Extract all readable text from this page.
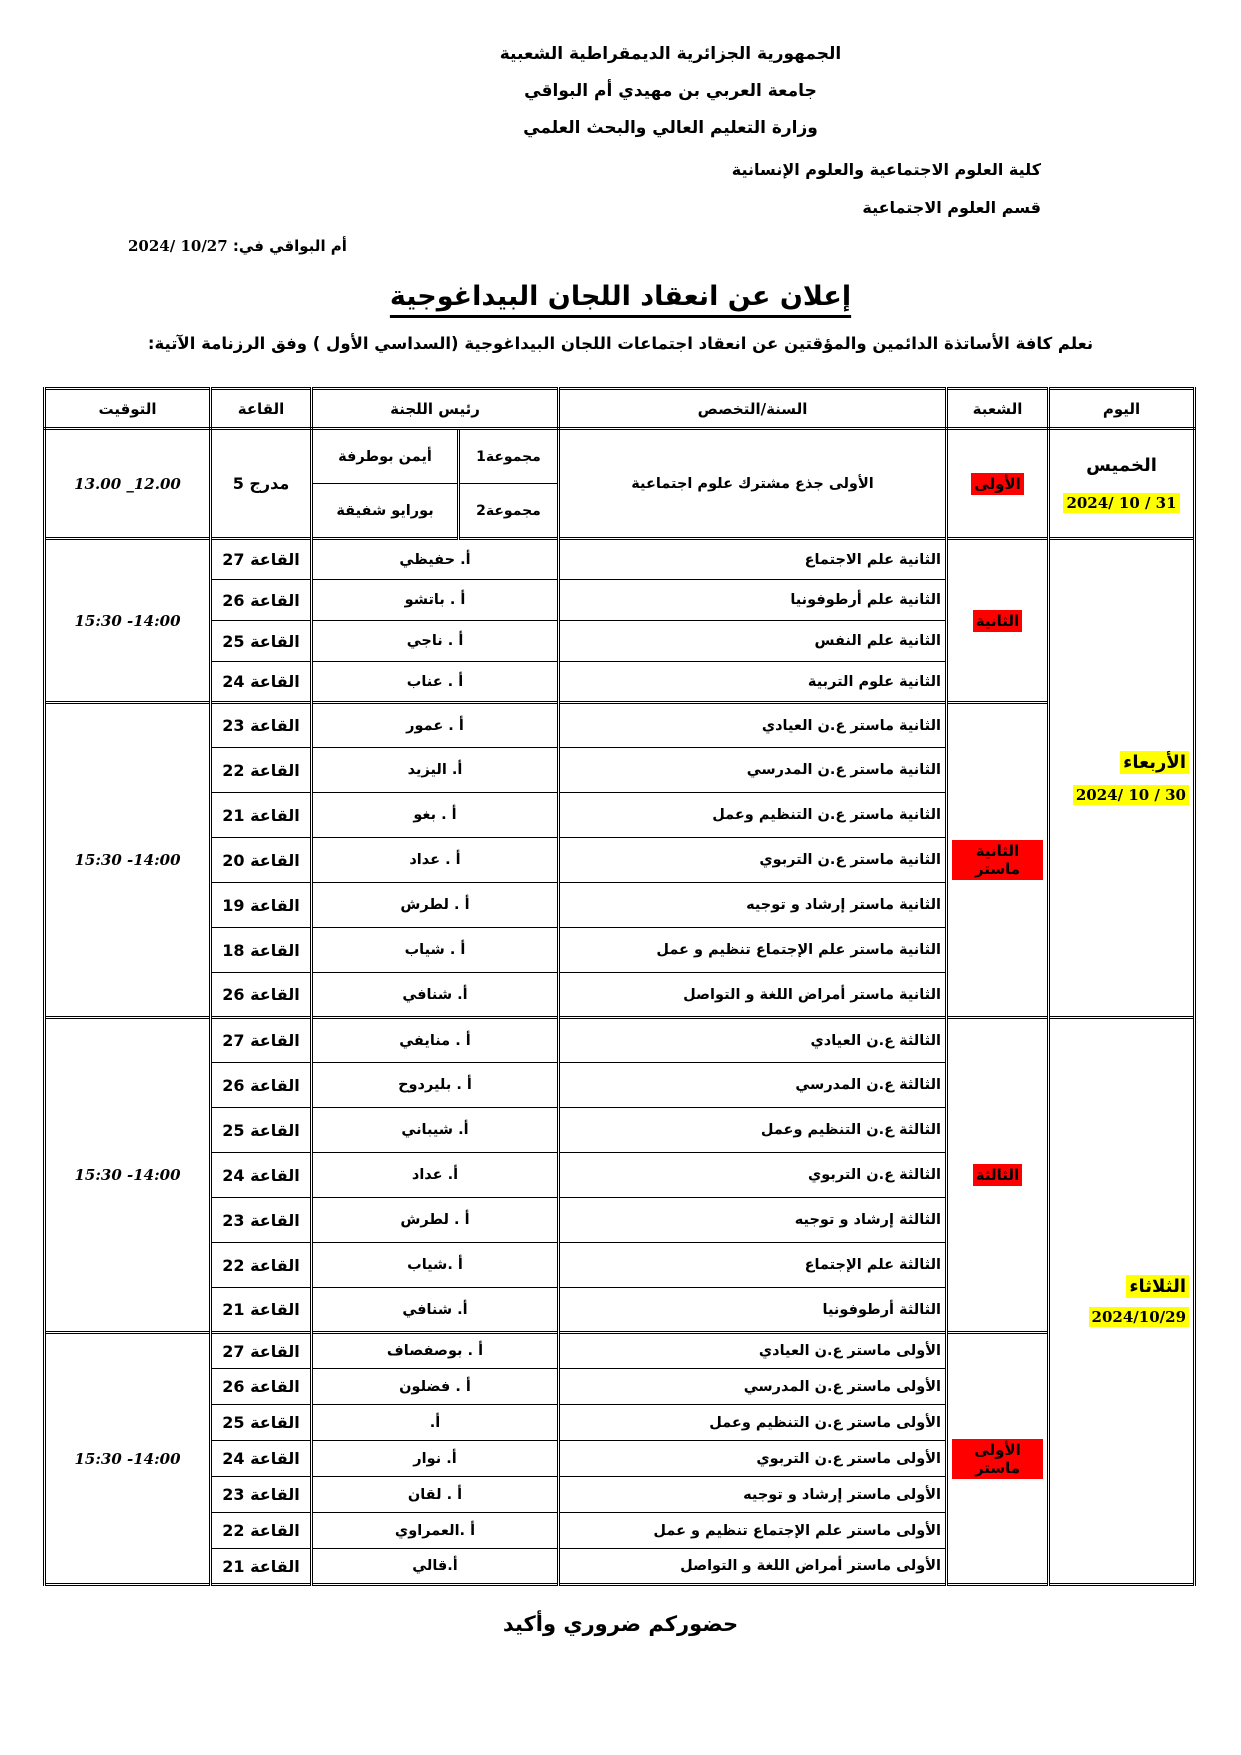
الجمهورية الجزائرية الديمقراطية الشعبية
جامعة العربي بن مهيدي أم البواقي
وزارة التعليم العالي والبحث العلمي
كلية العلوم الاجتماعية والعلوم الإنسانية
قسم العلوم الاجتماعية
أم البواقي في: 2024/ 10/27
إعلان عن انعقاد اللجان البيداغوجية
نعلم كافة الأساتذة الدائمين والمؤقتين عن انعقاد اجتماعات اللجان البيداغوجية (السداسي الأول ) وفق الرزنامة الآتية:
اليوم	الشعبة	السنة/التخصص	رئيس اللجنة		القاعة	التوقيت
الخميس
2024/ 10 / 31	الأولى	الأولى جذع مشترك علوم اجتماعية	مجموعة1	أيمن بوطرفة	مدرج 5	13.00 _12.00
			مجموعة2	بورايو شفيقة		
الأربعاء
2024/ 10 / 30	الثانية	الثانية علم الاجتماع	أ. حفيظي		القاعة 27	15:30 -14:00
		الثانية علم أرطوفونيا	أ . باتشو		القاعة 26	
		الثانية علم النفس	أ . ناجي		القاعة 25	
		الثانية علوم التربية	أ . عناب		القاعة 24	
	الثانية ماستر	الثانية ماستر ع.ن العيادي	أ . عمور		القاعة 23	15:30 -14:00
		الثانية ماستر ع.ن المدرسي	أ. اليزيد		القاعة 22	
		الثانية ماستر ع.ن التنظيم وعمل	أ . بغو		القاعة 21	
		الثانية ماستر ع.ن التربوي	أ . عداد		القاعة 20	
		الثانية ماستر إرشاد و توجيه	أ . لطرش		القاعة 19	
		الثانية ماستر علم الإجتماع تنظيم و عمل	أ . شياب		القاعة 18	
		الثانية ماستر أمراض اللغة و التواصل	أ. شنافي		القاعة 26	
الثلاثاء
2024/10/29	الثالثة	الثالثة ع.ن العيادي	أ . منايفي		القاعة 27	15:30 -14:00
		الثالثة ع.ن المدرسي	أ . بليردوح		القاعة 26	
		الثالثة ع.ن التنظيم وعمل	أ. شيباني		القاعة 25	
		الثالثة ع.ن التربوي	أ. عداد		القاعة 24	
		الثالثة إرشاد و توجيه	أ . لطرش		القاعة 23	
		الثالثة علم الإجتماع	أ .شياب		القاعة 22	
		الثالثة أرطوفونيا	أ. شنافي		القاعة 21	
	الأولى ماستر	الأولى ماستر ع.ن العيادي	أ . بوصفصاف		القاعة 27	15:30 -14:00
		الأولى ماستر ع.ن المدرسي	أ . فضلون		القاعة 26	
		الأولى ماستر ع.ن التنظيم وعمل	أ.		القاعة 25	
		الأولى ماستر ع.ن التربوي	أ. نوار		القاعة 24	
		الأولى ماستر إرشاد و توجيه	أ . لقان		القاعة 23	
		الأولى ماستر علم الإجتماع تنظيم و عمل	أ .العمراوي		القاعة 22	
		الأولى ماستر أمراض اللغة و التواصل	أ.قالي		القاعة 21	
حضوركم ضروري وأكيد
